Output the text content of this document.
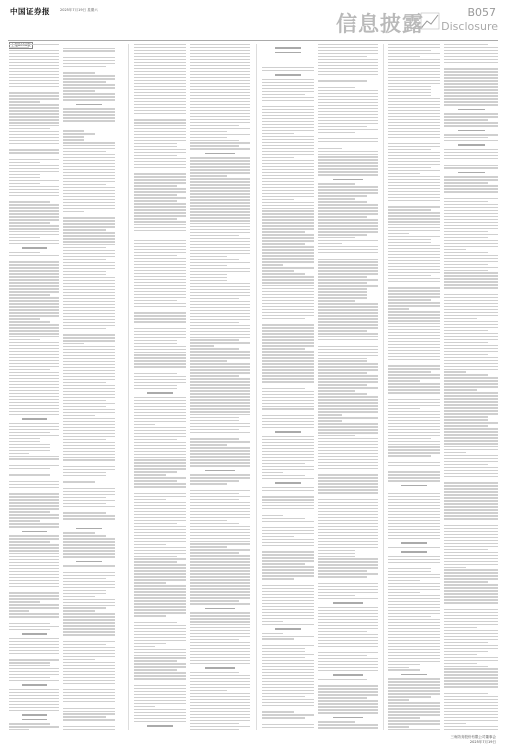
中国证券报	2025年7月19日 星期六
信息披露	B057
Disclosure
三角防务股份有限公司董事会
2025年7月19日
